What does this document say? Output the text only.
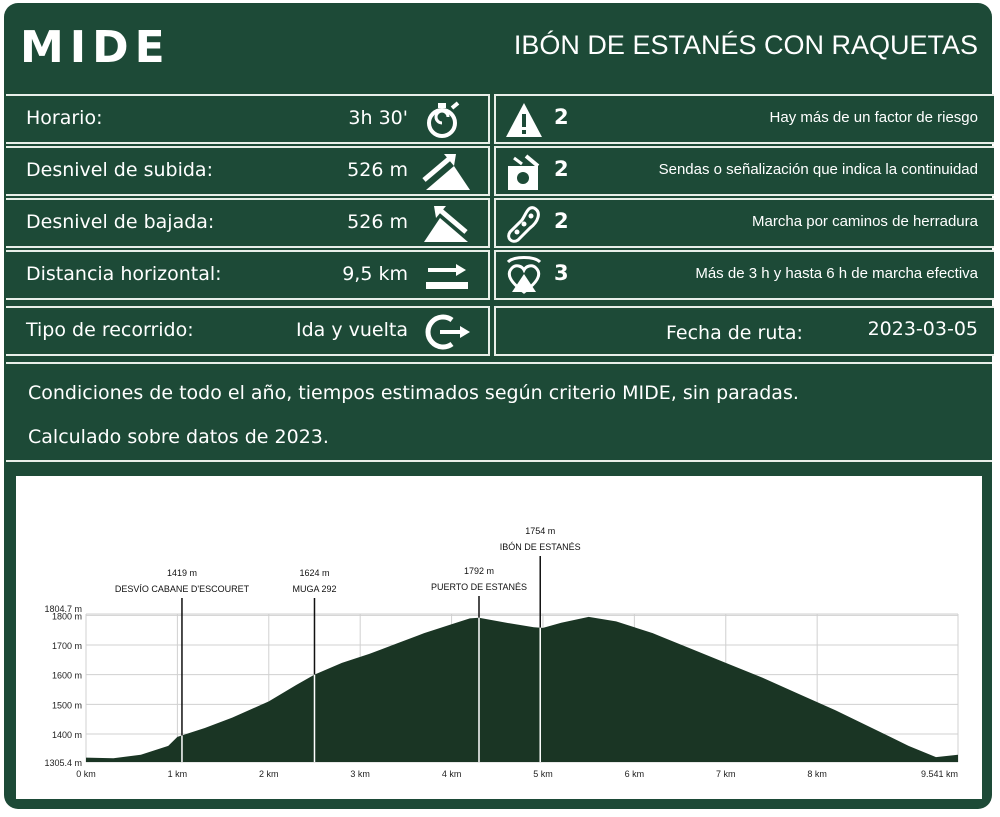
MIDE	IBÓN DE ESTANÉS CON RAQUETAS
Horario:	3h 30'
Desnivel de subida:	526 m
Desnivel de bajada:	526 m
Distancia horizontal:	9,5 km
Tipo de recorrido:	Ida y vuelta
2	Hay más de un factor de riesgo
2	Sendas o señalización que indica la continuidad
2	Marcha por caminos de herradura
3	Más de 3 h y hasta 6 h de marcha efectiva
Fecha de ruta:	2023-03-05
Condiciones de todo el año, tiempos estimados según criterio MIDE, sin paradas.
Calculado sobre datos de 2023.
1305.4 m
1400 m
1500 m
1600 m
1700 m
1800 m
1804.7 m
0 km	1 km	2 km	3 km	4 km	5 km	6 km	7 km	8 km	9.541 km
1419 m
DESVÍO CABANE D'ESCOURET
1624 m
MUGA 292
1792 m
PUERTO DE ESTANÉS
1754 m
IBÓN DE ESTANÉS
